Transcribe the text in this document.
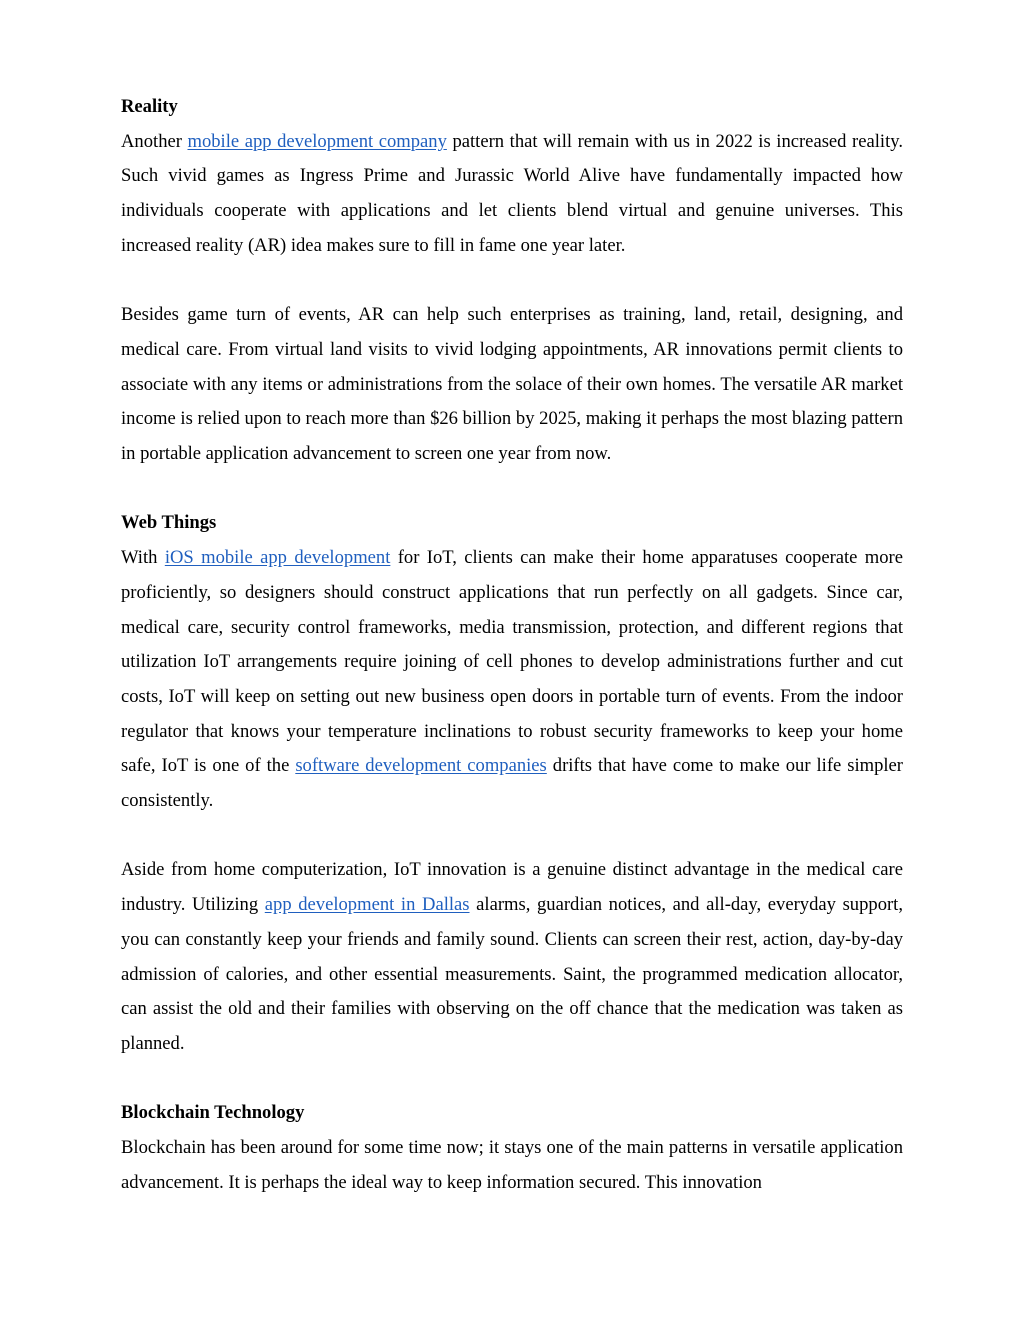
Reality

Another mobile app development company pattern that will remain with us in 2022 is increased reality. Such vivid games as Ingress Prime and Jurassic World Alive have fundamentally impacted how individuals cooperate with applications and let clients blend virtual and genuine universes. This increased reality (AR) idea makes sure to fill in fame one year later.

Besides game turn of events, AR can help such enterprises as training, land, retail, designing, and medical care. From virtual land visits to vivid lodging appointments, AR innovations permit clients to associate with any items or administrations from the solace of their own homes. The versatile AR market income is relied upon to reach more than $26 billion by 2025, making it perhaps the most blazing pattern in portable application advancement to screen one year from now.

Web Things

With iOS mobile app development for IoT, clients can make their home apparatuses cooperate more proficiently, so designers should construct applications that run perfectly on all gadgets. Since car, medical care, security control frameworks, media transmission, protection, and different regions that utilization IoT arrangements require joining of cell phones to develop administrations further and cut costs, IoT will keep on setting out new business open doors in portable turn of events. From the indoor regulator that knows your temperature inclinations to robust security frameworks to keep your home safe, IoT is one of the software development companies drifts that have come to make our life simpler consistently.

Aside from home computerization, IoT innovation is a genuine distinct advantage in the medical care industry. Utilizing app development in Dallas alarms, guardian notices, and all-day, everyday support, you can constantly keep your friends and family sound. Clients can screen their rest, action, day-by-day admission of calories, and other essential measurements. Saint, the programmed medication allocator, can assist the old and their families with observing on the off chance that the medication was taken as planned.

Blockchain Technology

Blockchain has been around for some time now; it stays one of the main patterns in versatile application advancement. It is perhaps the ideal way to keep information secured. This innovation
